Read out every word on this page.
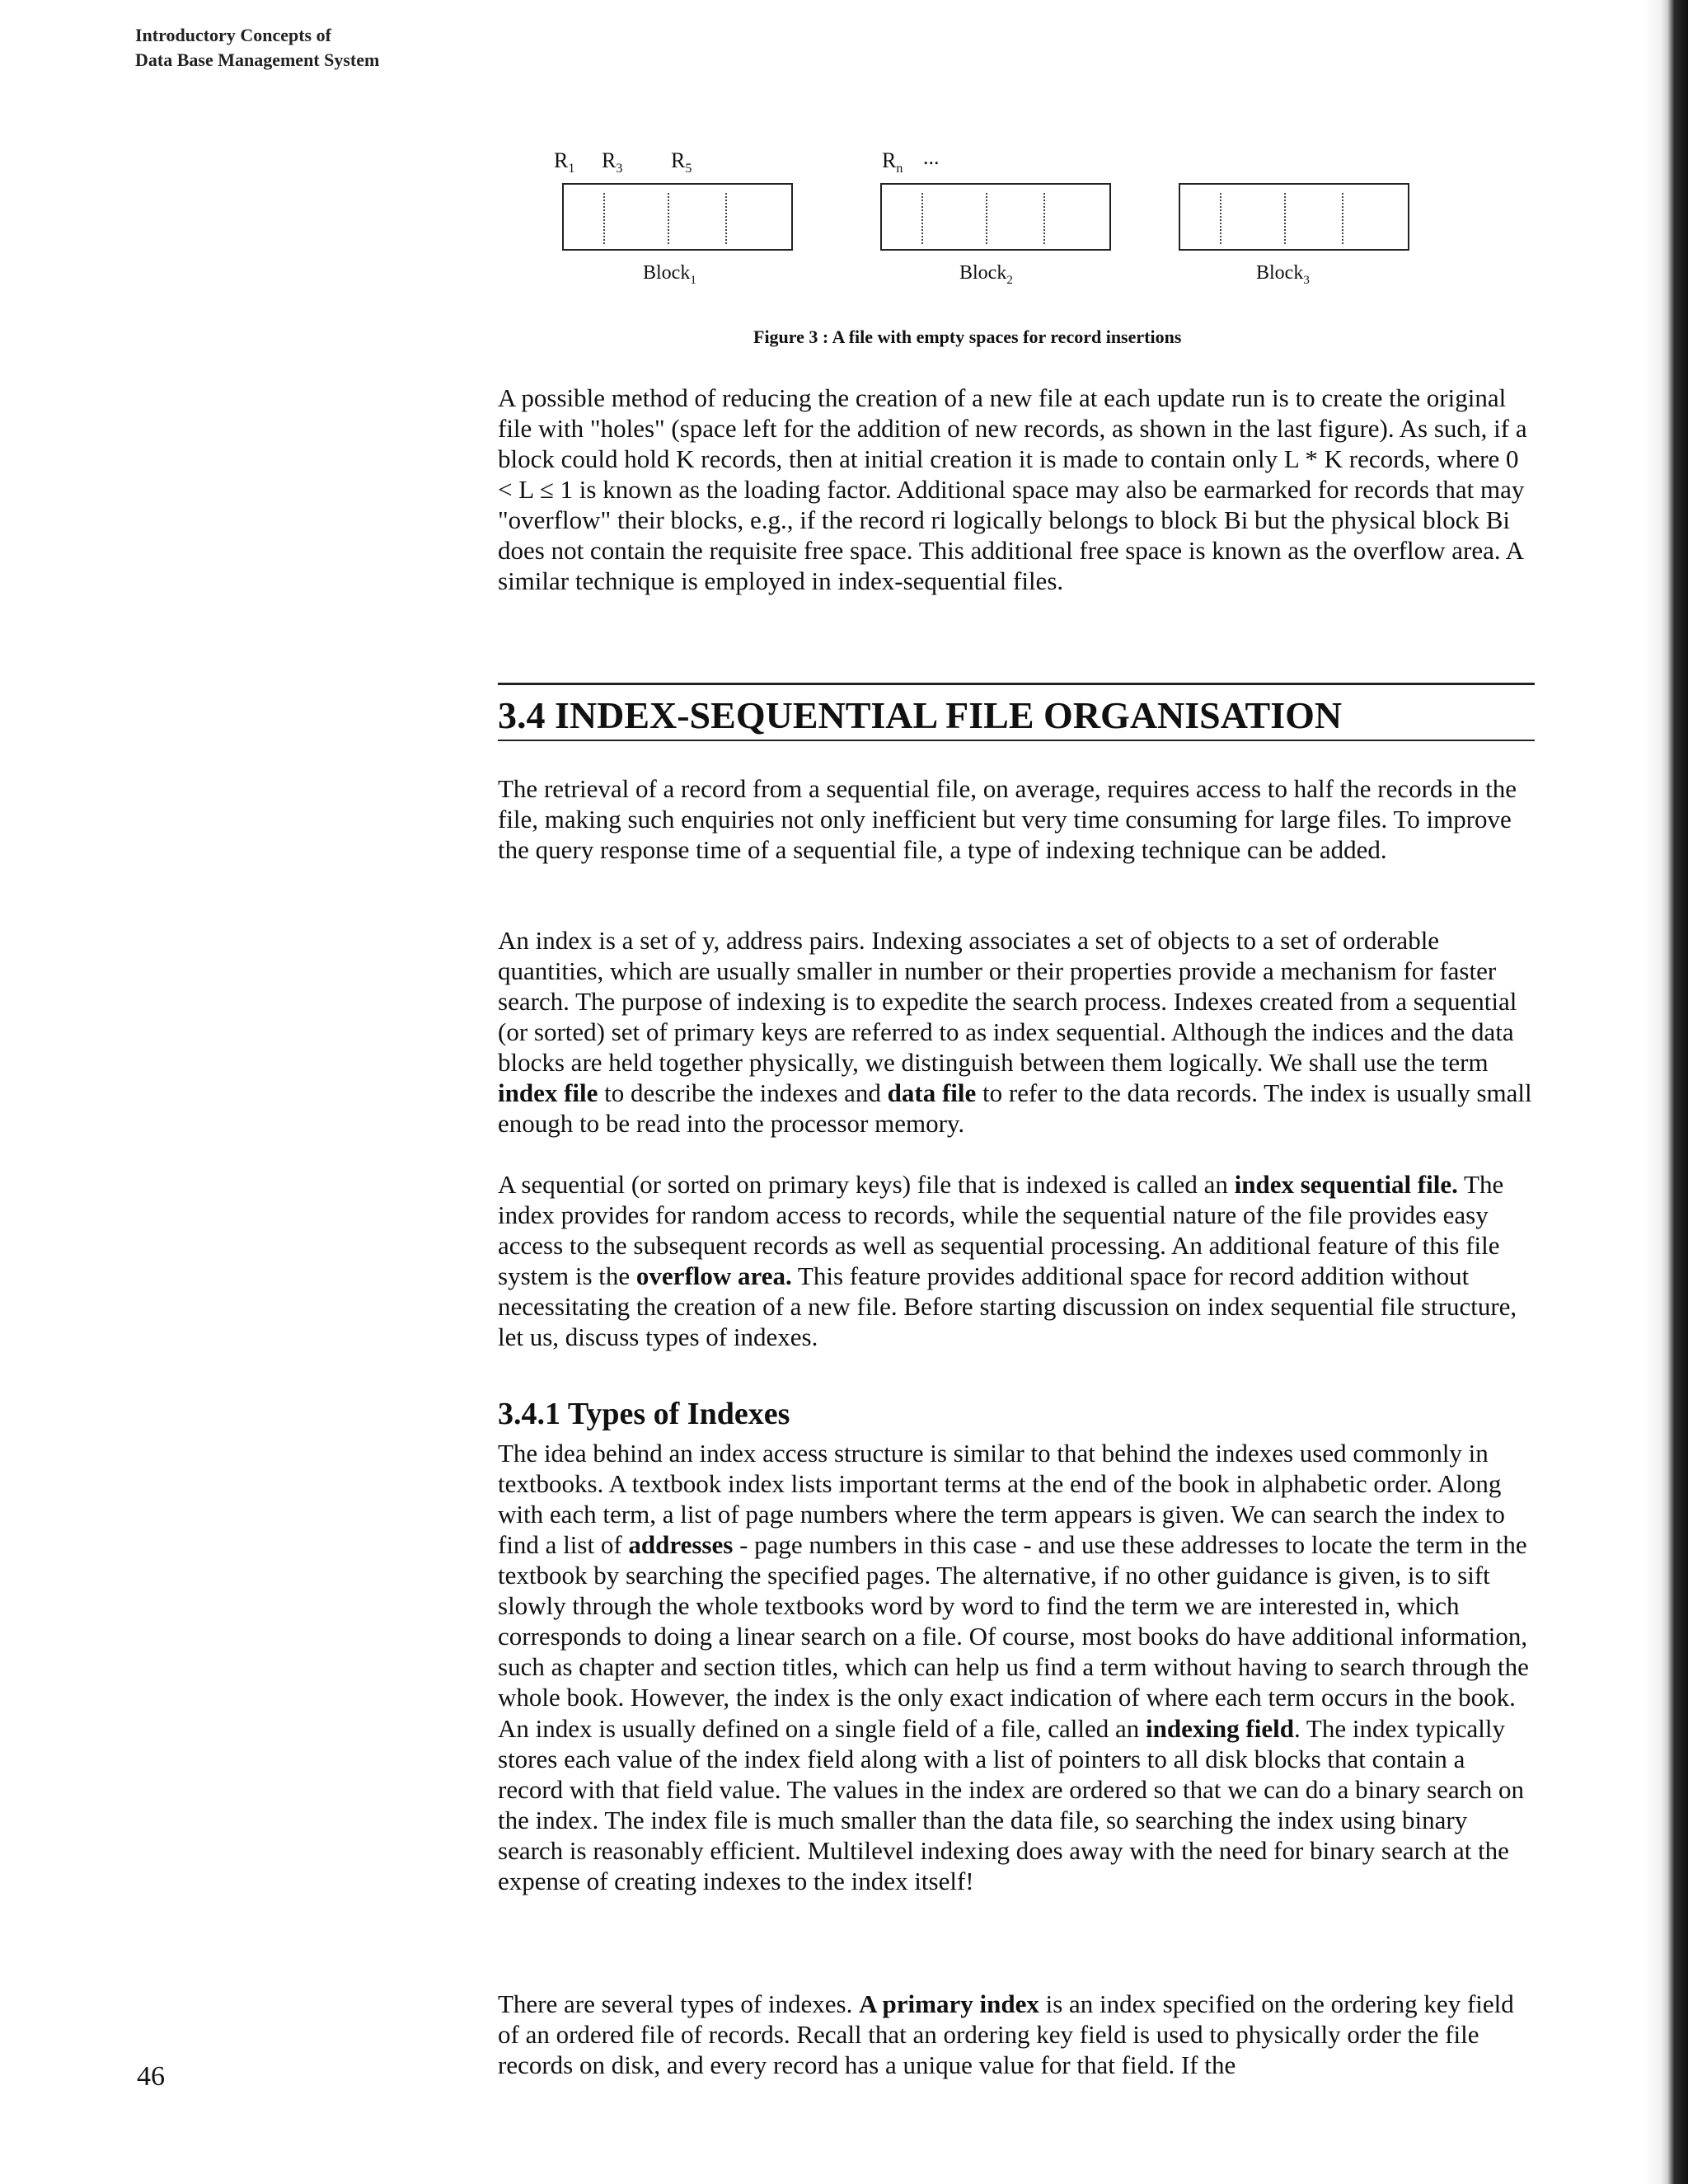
Introductory Concepts of
Data Base Management System
$R_1$ $R_3$ $R_5$	$R_n$ ...
Block$_1$	Block$_2$	Block$_3$
Figure 3 : A file with empty spaces for record insertions

A possible method of reducing the creation of a new file at each update run is to create the original file with "holes" (space left for the addition of new records, as shown in the last figure). As such, if a block could hold K records, then at initial creation it is made to contain only L * K records, where 0 < L ≤ 1 is known as the loading factor. Additional space may also be earmarked for records that may "overflow" their blocks, e.g., if the record ri logically belongs to block Bi but the physical block Bi does not contain the requisite free space. This additional free space is known as the overflow area. A similar technique is employed in index-sequential files.

3.4 INDEX-SEQUENTIAL FILE ORGANISATION

The retrieval of a record from a sequential file, on average, requires access to half the records in the file, making such enquiries not only inefficient but very time consuming for large files. To improve the query response time of a sequential file, a type of indexing technique can be added.

An index is a set of y, address pairs. Indexing associates a set of objects to a set of orderable quantities, which are usually smaller in number or their properties provide a mechanism for faster search. The purpose of indexing is to expedite the search process. Indexes created from a sequential (or sorted) set of primary keys are referred to as index sequential. Although the indices and the data blocks are held together physically, we distinguish between them logically. We shall use the term index file to describe the indexes and data file to refer to the data records. The index is usually small enough to be read into the processor memory.

A sequential (or sorted on primary keys) file that is indexed is called an index sequential file. The index provides for random access to records, while the sequential nature of the file provides easy access to the subsequent records as well as sequential processing. An additional feature of this file system is the overflow area. This feature provides additional space for record addition without necessitating the creation of a new file. Before starting discussion on index sequential file structure, let us, discuss types of indexes.

3.4.1 Types of Indexes

The idea behind an index access structure is similar to that behind the indexes used commonly in textbooks. A textbook index lists important terms at the end of the book in alphabetic order. Along with each term, a list of page numbers where the term appears is given. We can search the index to find a list of addresses - page numbers in this case - and use these addresses to locate the term in the textbook by searching the specified pages. The alternative, if no other guidance is given, is to sift slowly through the whole textbooks word by word to find the term we are interested in, which corresponds to doing a linear search on a file. Of course, most books do have additional information, such as chapter and section titles, which can help us find a term without having to search through the whole book. However, the index is the only exact indication of where each term occurs in the book.

An index is usually defined on a single field of a file, called an indexing field. The index typically stores each value of the index field along with a list of pointers to all disk blocks that contain a record with that field value. The values in the index are ordered so that we can do a binary search on the index. The index file is much smaller than the data file, so searching the index using binary search is reasonably efficient. Multilevel indexing does away with the need for binary search at the expense of creating indexes to the index itself!

There are several types of indexes. A primary index is an index specified on the ordering key field of an ordered file of records. Recall that an ordering key field is used to physically order the file records on disk, and every record has a unique value for that field. If the

46
